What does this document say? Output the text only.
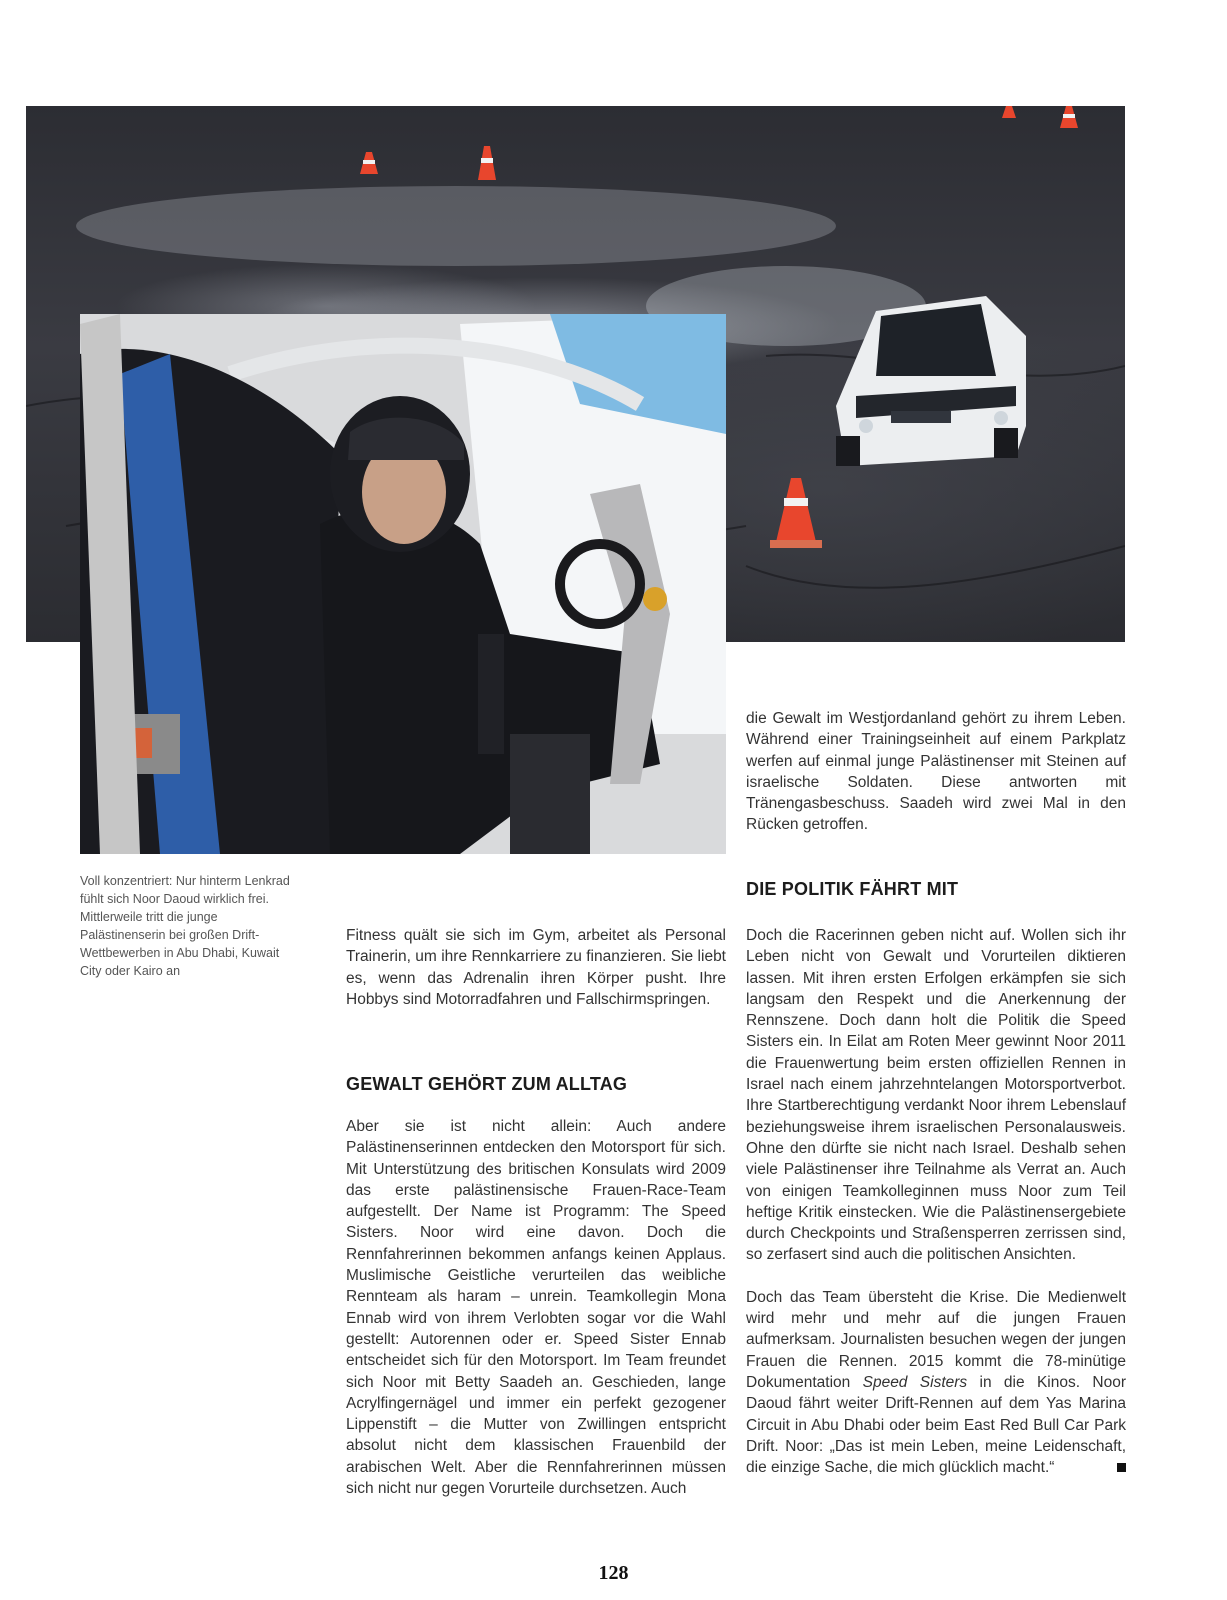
Voll konzentriert: Nur hinterm Lenkrad fühlt sich Noor Daoud wirklich frei. Mittlerweile tritt die junge Palästinenserin bei großen Drift-Wettbewerben in Abu Dhabi, Kuwait City oder Kairo an

die Gewalt im Westjordanland gehört zu ihrem Leben. Während einer Trainingseinheit auf einem Parkplatz werfen auf einmal junge Palästinenser mit Steinen auf israelische Soldaten. Diese antworten mit Tränengasbeschuss. Saadeh wird zwei Mal in den Rücken getroffen.

Fitness quält sie sich im Gym, arbeitet als Personal Trainerin, um ihre Rennkarriere zu finanzieren. Sie liebt es, wenn das Adrenalin ihren Körper pusht. Ihre Hobbys sind Motorradfahren und Fallschirmspringen.

GEWALT GEHÖRT ZUM ALLTAG

Aber sie ist nicht allein: Auch andere Palästinenserinnen entdecken den Motorsport für sich. Mit Unterstützung des britischen Konsulats wird 2009 das erste palästinensische Frauen-Race-Team aufgestellt. Der Name ist Programm: The Speed Sisters. Noor wird eine davon. Doch die Rennfahrerinnen bekommen anfangs keinen Applaus. Muslimische Geistliche verurteilen das weibliche Rennteam als haram – unrein. Teamkollegin Mona Ennab wird von ihrem Verlobten sogar vor die Wahl gestellt: Autorennen oder er. Speed Sister Ennab entscheidet sich für den Motorsport. Im Team freundet sich Noor mit Betty Saadeh an. Geschieden, lange Acrylfingernägel und immer ein perfekt gezogener Lippenstift – die Mutter von Zwillingen entspricht absolut nicht dem klassischen Frauenbild der arabischen Welt. Aber die Rennfahrerinnen müssen sich nicht nur gegen Vorurteile durchsetzen. Auch

DIE POLITIK FÄHRT MIT

Doch die Racerinnen geben nicht auf. Wollen sich ihr Leben nicht von Gewalt und Vorurteilen diktieren lassen. Mit ihren ersten Erfolgen erkämpfen sie sich langsam den Respekt und die Anerkennung der Rennszene. Doch dann holt die Politik die Speed Sisters ein. In Eilat am Roten Meer gewinnt Noor 2011 die Frauenwertung beim ersten offiziellen Rennen in Israel nach einem jahrzehntelangen Motorsportverbot. Ihre Startberechtigung verdankt Noor ihrem Lebenslauf beziehungsweise ihrem israelischen Personalausweis. Ohne den dürfte sie nicht nach Israel. Deshalb sehen viele Palästinenser ihre Teilnahme als Verrat an. Auch von einigen Teamkolleginnen muss Noor zum Teil heftige Kritik einstecken. Wie die Palästinensergebiete durch Checkpoints und Straßensperren zerrissen sind, so zerfasert sind auch die politischen Ansichten.

Doch das Team übersteht die Krise. Die Medienwelt wird mehr und mehr auf die jungen Frauen aufmerksam. Journalisten besuchen wegen der jungen Frauen die Rennen. 2015 kommt die 78-minütige Dokumentation Speed Sisters in die Kinos. Noor Daoud fährt weiter Drift-Rennen auf dem Yas Marina Circuit in Abu Dhabi oder beim East Red Bull Car Park Drift. Noor: „Das ist mein Leben, meine Leidenschaft, die einzige Sache, die mich glücklich macht.“

128
